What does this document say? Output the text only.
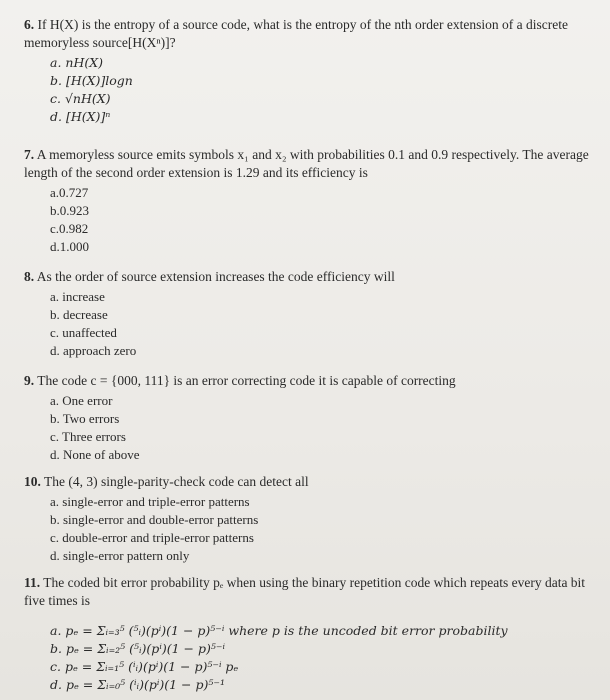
6. If H(X) is the entropy of a source code, what is the entropy of the nth order extension of a discrete memoryless source[H(Xⁿ)]?
a. nH(X)
b. [H(X)]logn
c. √nH(X)
d. [H(X)]ⁿ
7. A memoryless source emits symbols x₁ and x₂ with probabilities 0.1 and 0.9 respectively. The average length of the second order extension is 1.29 and its efficiency is
a.0.727
b.0.923
c.0.982
d.1.000
8. As the order of source extension increases the code efficiency will
a. increase
b. decrease
c. unaffected
d. approach zero
9. The code c = {000, 111} is an error correcting code it is capable of correcting
a. One error
b. Two errors
c. Three errors
d. None of above
10. The (4, 3) single-parity-check code can detect all
a. single-error and triple-error patterns
b. single-error and double-error patterns
c. double-error and triple-error patterns
d. single-error pattern only
11. The coded bit error probability pₑ when using the binary repetition code which repeats every data bit five times is
a. pₑ = Σᵢ₌₃⁵ (⁵ᵢ)(pⁱ)(1 − p)⁵⁻ⁱ where p is the uncoded bit error probability
b. pₑ = Σᵢ₌₂⁵ (⁵ᵢ)(pⁱ)(1 − p)⁵⁻ⁱ
c. pₑ = Σᵢ₌₁⁵ (ⁱᵢ)(pⁱ)(1 − p)⁵⁻ⁱ pₑ
d. pₑ = Σᵢ₌₀⁵ (ⁱᵢ)(pⁱ)(1 − p)⁵⁻¹
